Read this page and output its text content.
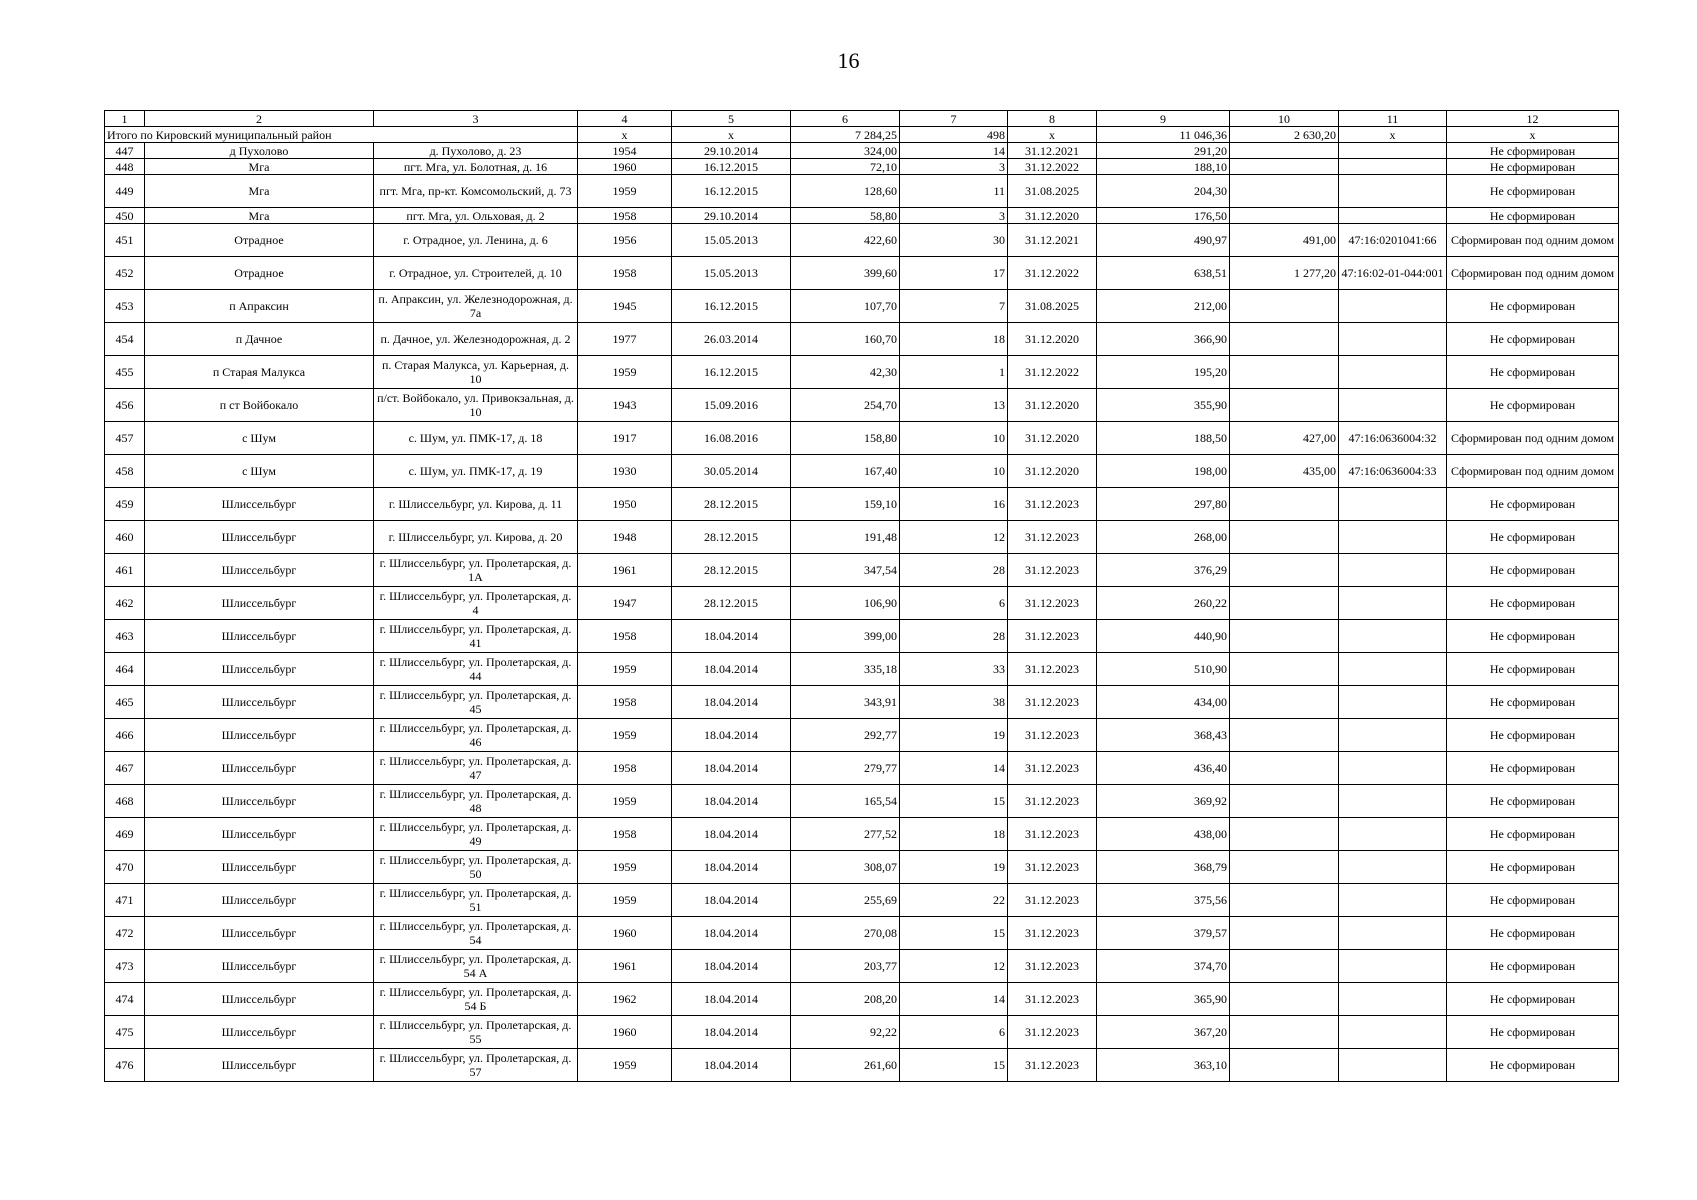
16
1	2	3	4	5	6	7	8	9	10	11	12
Итого по Кировский муниципальный район			x	x	7 284,25	498	x	11 046,36	2 630,20	x	x
447	д Пухолово	д. Пухолово, д. 23	1954	29.10.2014	324,00	14	31.12.2021	291,20			Не сформирован
448	Мга	пгт. Мга, ул. Болотная, д. 16	1960	16.12.2015	72,10	3	31.12.2022	188,10			Не сформирован
449	Мга	пгт. Мга, пр-кт. Комсомольский, д. 73	1959	16.12.2015	128,60	11	31.08.2025	204,30			Не сформирован
450	Мга	пгт. Мга, ул. Ольховая, д. 2	1958	29.10.2014	58,80	3	31.12.2020	176,50			Не сформирован
451	Отрадное	г. Отрадное, ул. Ленина, д. 6	1956	15.05.2013	422,60	30	31.12.2021	490,97	491,00	47:16:0201041:66	Сформирован под одним домом
452	Отрадное	г. Отрадное, ул. Строителей, д. 10	1958	15.05.2013	399,60	17	31.12.2022	638,51	1 277,20	47:16:02-01-044:001	Сформирован под одним домом
453	п Апраксин	п. Апраксин, ул. Железнодорожная, д. 7а	1945	16.12.2015	107,70	7	31.08.2025	212,00			Не сформирован
454	п Дачное	п. Дачное, ул. Железнодорожная, д. 2	1977	26.03.2014	160,70	18	31.12.2020	366,90			Не сформирован
455	п Старая Малукса	п. Старая Малукса, ул. Карьерная, д. 10	1959	16.12.2015	42,30	1	31.12.2022	195,20			Не сформирован
456	п ст Войбокало	п/ст. Войбокало, ул. Привокзальная, д. 10	1943	15.09.2016	254,70	13	31.12.2020	355,90			Не сформирован
457	с Шум	с. Шум, ул. ПМК-17, д. 18	1917	16.08.2016	158,80	10	31.12.2020	188,50	427,00	47:16:0636004:32	Сформирован под одним домом
458	с Шум	с. Шум, ул. ПМК-17, д. 19	1930	30.05.2014	167,40	10	31.12.2020	198,00	435,00	47:16:0636004:33	Сформирован под одним домом
459	Шлиссельбург	г. Шлиссельбург, ул. Кирова, д. 11	1950	28.12.2015	159,10	16	31.12.2023	297,80			Не сформирован
460	Шлиссельбург	г. Шлиссельбург, ул. Кирова, д. 20	1948	28.12.2015	191,48	12	31.12.2023	268,00			Не сформирован
461	Шлиссельбург	г. Шлиссельбург, ул. Пролетарская, д. 1А	1961	28.12.2015	347,54	28	31.12.2023	376,29			Не сформирован
462	Шлиссельбург	г. Шлиссельбург, ул. Пролетарская, д. 4	1947	28.12.2015	106,90	6	31.12.2023	260,22			Не сформирован
463	Шлиссельбург	г. Шлиссельбург, ул. Пролетарская, д. 41	1958	18.04.2014	399,00	28	31.12.2023	440,90			Не сформирован
464	Шлиссельбург	г. Шлиссельбург, ул. Пролетарская, д. 44	1959	18.04.2014	335,18	33	31.12.2023	510,90			Не сформирован
465	Шлиссельбург	г. Шлиссельбург, ул. Пролетарская, д. 45	1958	18.04.2014	343,91	38	31.12.2023	434,00			Не сформирован
466	Шлиссельбург	г. Шлиссельбург, ул. Пролетарская, д. 46	1959	18.04.2014	292,77	19	31.12.2023	368,43			Не сформирован
467	Шлиссельбург	г. Шлиссельбург, ул. Пролетарская, д. 47	1958	18.04.2014	279,77	14	31.12.2023	436,40			Не сформирован
468	Шлиссельбург	г. Шлиссельбург, ул. Пролетарская, д. 48	1959	18.04.2014	165,54	15	31.12.2023	369,92			Не сформирован
469	Шлиссельбург	г. Шлиссельбург, ул. Пролетарская, д. 49	1958	18.04.2014	277,52	18	31.12.2023	438,00			Не сформирован
470	Шлиссельбург	г. Шлиссельбург, ул. Пролетарская, д. 50	1959	18.04.2014	308,07	19	31.12.2023	368,79			Не сформирован
471	Шлиссельбург	г. Шлиссельбург, ул. Пролетарская, д. 51	1959	18.04.2014	255,69	22	31.12.2023	375,56			Не сформирован
472	Шлиссельбург	г. Шлиссельбург, ул. Пролетарская, д. 54	1960	18.04.2014	270,08	15	31.12.2023	379,57			Не сформирован
473	Шлиссельбург	г. Шлиссельбург, ул. Пролетарская, д. 54 А	1961	18.04.2014	203,77	12	31.12.2023	374,70			Не сформирован
474	Шлиссельбург	г. Шлиссельбург, ул. Пролетарская, д. 54 Б	1962	18.04.2014	208,20	14	31.12.2023	365,90			Не сформирован
475	Шлиссельбург	г. Шлиссельбург, ул. Пролетарская, д. 55	1960	18.04.2014	92,22	6	31.12.2023	367,20			Не сформирован
476	Шлиссельбург	г. Шлиссельбург, ул. Пролетарская, д. 57	1959	18.04.2014	261,60	15	31.12.2023	363,10			Не сформирован
